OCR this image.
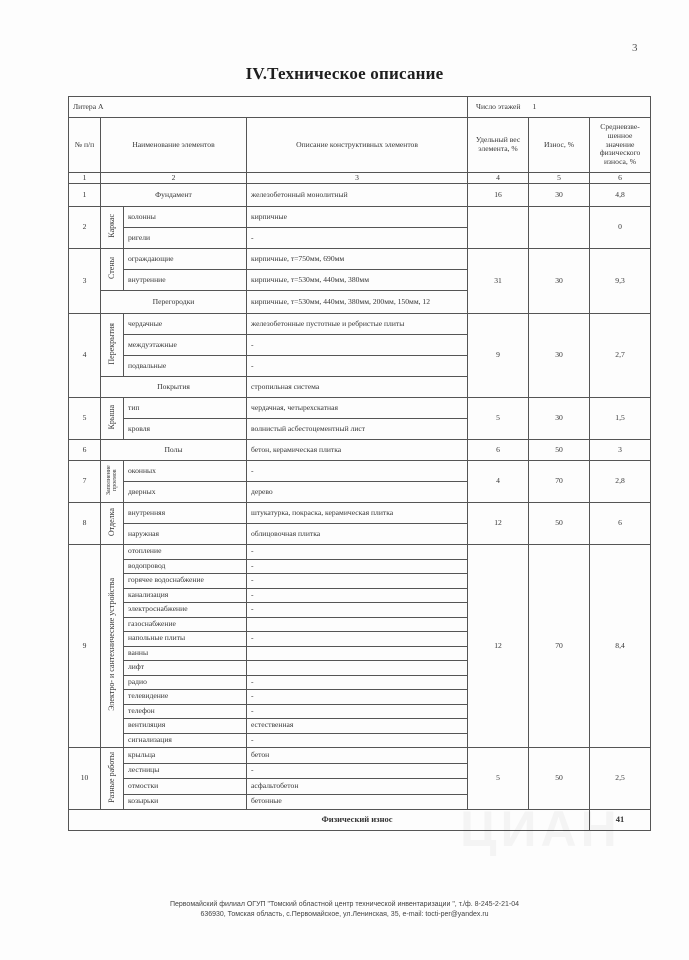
3
IV.Техническое описание
Литера А				Число этажей	1	
№ п/п	Наименование элементов		Описание конструктивных элементов	Удельный вес элемента, %	Износ, %	Средневзве-шенное значение физического износа, %
1	2		3	4	5	6
1	Фундамент		железобетонный монолитный	16	30	4,8
2	Каркас	колонны	кирпичные			0
		ригели	-			
3	Стены	ограждающие	кирпичные, т=750мм, 690мм	31	30	9,3
		внутренние	кирпичные, т=530мм, 440мм, 380мм			
	Перегородки		кирпичные, т=530мм, 440мм, 380мм, 200мм, 150мм, 12			
4	Перекрытия	чердачные	железобетонные пустотные и ребристые плиты	9	30	2,7
		междуэтажные	-			
		подвальные	-			
	Покрытия		стропильная система			
5	Крыша	тип	чердачная, четырехскатная	5	30	1,5
		кровля	волнистый асбестоцементный лист			
6	Полы		бетон, керамическая плитка	6	50	3
7	Заполнение проемов	оконных	-	4	70	2,8
		дверных	дерево			
8	Отделка	внутренняя	штукатурка, покраска, керамическая плитка	12	50	6
		наружная	облицовочная плитка			
9	Электро- и сантехнические устройства	отопление	-	12	70	8,4
		водопровод	-			
		горячее водоснабжение	-			
		канализация	-			
		электроснабжение	-			
		газоснабжение				
		напольные плиты	-			
		ванны				
		лифт				
		радио	-			
		телевидение	-			
		телефон	-			
		вентиляция	естественная			
		сигнализация	-			
10	Разные работы	крыльца	бетон	5	50	2,5
		лестницы	-			
		отмостки	асфальтобетон			
		козырьки	бетонные			
Физический износ						41
Первомайский филиал ОГУП "Томский областной центр технической инвентаризации ", т./ф. 8-245-2-21-04
636930, Томская область, с.Первомайское, ул.Ленинская, 35, e-mail: tocti-per@yandex.ru
